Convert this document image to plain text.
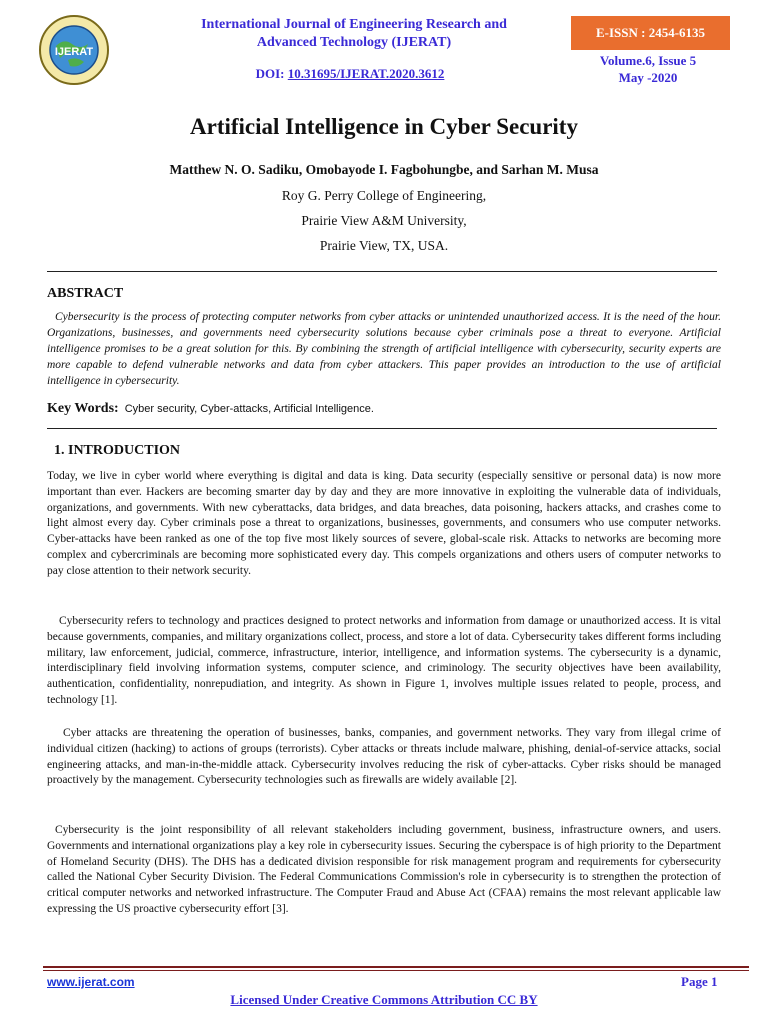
IJERAT
International Journal of Engineering Research and
Advanced Technology (IJERAT)
DOI: 10.31695/IJERAT.2020.3612
E-ISSN : 2454-6135
Volume.6, Issue 5
May -2020
Artificial Intelligence in Cyber Security
Matthew N. O. Sadiku, Omobayode I. Fagbohungbe, and Sarhan M. Musa
Roy G. Perry College of Engineering,
Prairie View A&M University,
Prairie View, TX, USA.
ABSTRACT
Cybersecurity is the process of protecting computer networks from cyber attacks or unintended unauthorized access. It is the need of the hour. Organizations, businesses, and governments need cybersecurity solutions because cyber criminals pose a threat to everyone. Artificial intelligence promises to be a great solution for this. By combining the strength of artificial intelligence with cybersecurity, security experts are more capable to defend vulnerable networks and data from cyber attackers. This paper provides an introduction to the use of artificial intelligence in cybersecurity.
Key Words: Cyber security, Cyber-attacks, Artificial Intelligence.
1. INTRODUCTION
Today, we live in cyber world where everything is digital and data is king. Data security (especially sensitive or personal data) is now more important than ever. Hackers are becoming smarter day by day and they are more innovative in exploiting the vulnerable data of individuals, organizations, and governments. With new cyberattacks, data bridges, and data breaches, data poisoning, hackers attacks, and crashes come to light almost every day. Cyber criminals pose a threat to organizations, businesses, governments, and consumers who use computer networks. Cyber-attacks have been ranked as one of the top five most likely sources of severe, global-scale risk. Attacks to networks are becoming more complex and cybercriminals are becoming more sophisticated every day. This compels organizations and others users of computer networks to pay close attention to their network security.
Cybersecurity refers to technology and practices designed to protect networks and information from damage or unauthorized access. It is vital because governments, companies, and military organizations collect, process, and store a lot of data. Cybersecurity takes different forms including military, law enforcement, judicial, commerce, infrastructure, interior, intelligence, and information systems. The cybersecurity is a dynamic, interdisciplinary field involving information systems, computer science, and criminology. The security objectives have been availability, authentication, confidentiality, nonrepudiation, and integrity. As shown in Figure 1, involves multiple issues related to people, process, and technology [1].
Cyber attacks are threatening the operation of businesses, banks, companies, and government networks. They vary from illegal crime of individual citizen (hacking) to actions of groups (terrorists). Cyber attacks or threats include malware, phishing, denial-of-service attacks, social engineering attacks, and man-in-the-middle attack. Cybersecurity involves reducing the risk of cyber-attacks. Cyber risks should be managed proactively by the management. Cybersecurity technologies such as firewalls are widely available [2].
Cybersecurity is the joint responsibility of all relevant stakeholders including government, business, infrastructure owners, and users. Governments and international organizations play a key role in cybersecurity issues. Securing the cyberspace is of high priority to the Department of Homeland Security (DHS). The DHS has a dedicated division responsible for risk management program and requirements for cybersecurity called the National Cyber Security Division. The Federal Communications Commission's role in cybersecurity is to strengthen the protection of critical computer networks and networked infrastructure. The Computer Fraud and Abuse Act (CFAA) remains the most relevant applicable law expressing the US proactive cybersecurity effort [3].
www.ijerat.com	Page 1
Licensed Under Creative Commons Attribution CC BY
